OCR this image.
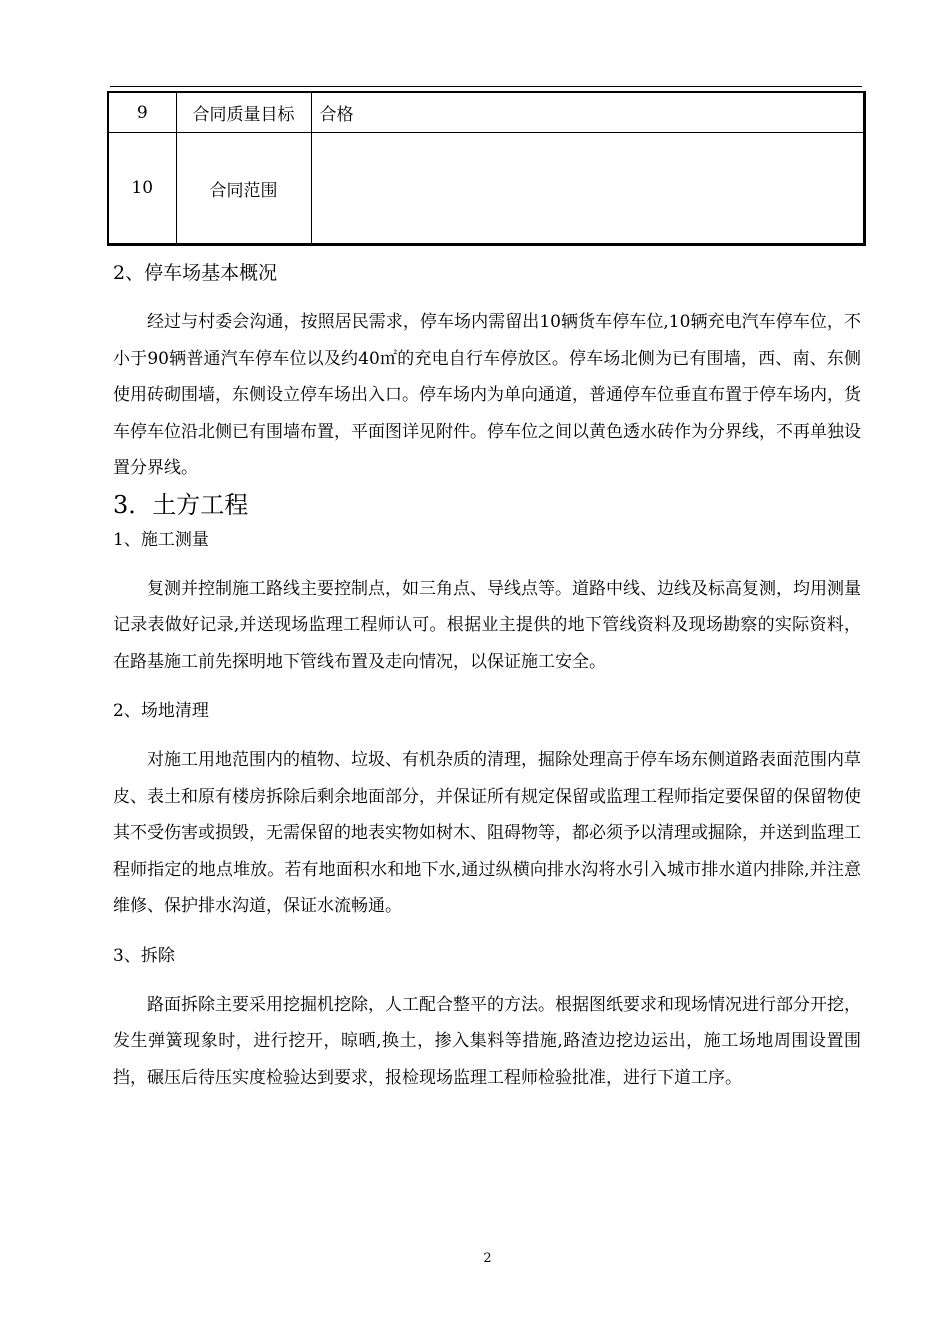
9	合同质量目标	合格
10	合同范围	
2、停车场基本概况

经过与村委会沟通，按照居民需求，停车场内需留出10辆货车停车位,10辆充电汽车停车位，不小于90辆普通汽车停车位以及约40㎡的充电自行车停放区。停车场北侧为已有围墙，西、南、东侧使用砖砌围墙，东侧设立停车场出入口。停车场内为单向通道，普通停车位垂直布置于停车场内，货车停车位沿北侧已有围墙布置，平面图详见附件。停车位之间以黄色透水砖作为分界线，不再单独设置分界线。

3．土方工程
1、施工测量

复测并控制施工路线主要控制点，如三角点、导线点等。道路中线、边线及标高复测，均用测量记录表做好记录,并送现场监理工程师认可。根据业主提供的地下管线资料及现场勘察的实际资料，在路基施工前先探明地下管线布置及走向情况，以保证施工安全。

2、场地清理

对施工用地范围内的植物、垃圾、有机杂质的清理，掘除处理高于停车场东侧道路表面范围内草皮、表土和原有楼房拆除后剩余地面部分，并保证所有规定保留或监理工程师指定要保留的保留物使其不受伤害或损毁，无需保留的地表实物如树木、阻碍物等，都必须予以清理或掘除，并送到监理工程师指定的地点堆放。若有地面积水和地下水,通过纵横向排水沟将水引入城市排水道内排除,并注意维修、保护排水沟道，保证水流畅通。

3、拆除

路面拆除主要采用挖掘机挖除，人工配合整平的方法。根据图纸要求和现场情况进行部分开挖，发生弹簧现象时，进行挖开，晾晒,换土，掺入集料等措施,路渣边挖边运出，施工场地周围设置围挡，碾压后待压实度检验达到要求，报检现场监理工程师检验批准，进行下道工序。

2
